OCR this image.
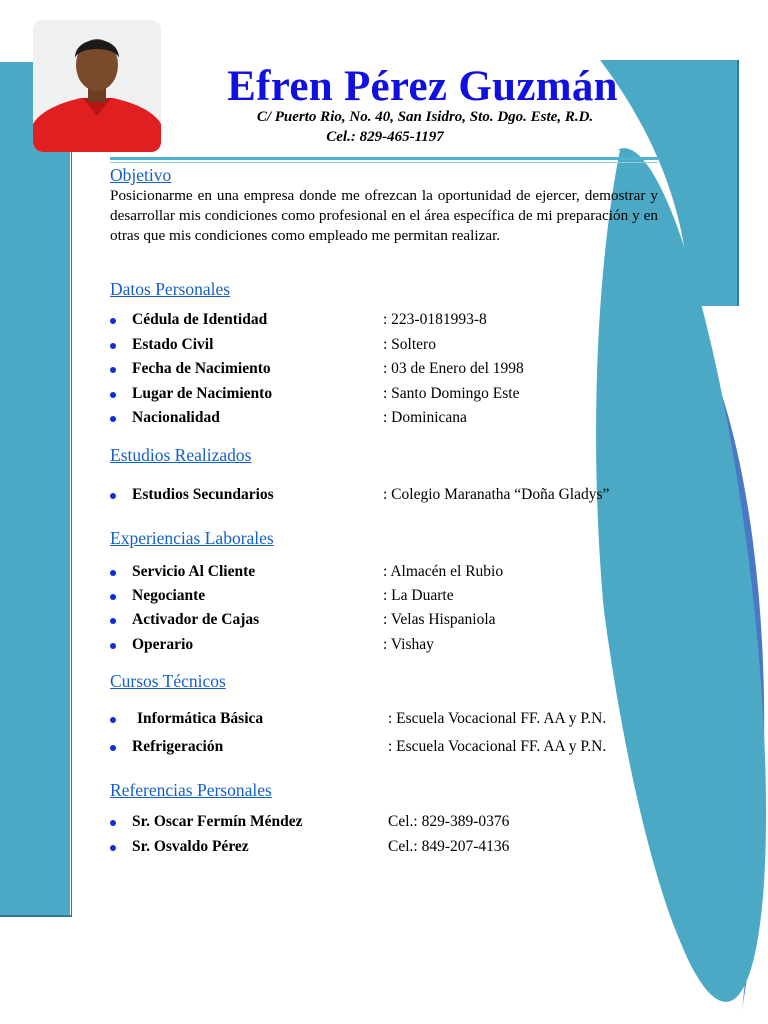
Efren Pérez Guzmán
C/ Puerto Rio, No. 40, San Isidro, Sto. Dgo. Este, R.D.
Cel.: 829-465-1197
Objetivo
Posicionarme en una empresa donde me ofrezcan la oportunidad de ejercer, demostrar y desarrollar mis condiciones como profesional en el área específica de mi preparación y en otras que mis condiciones como empleado me permitan realizar.
Datos Personales
Cédula de Identidad	: 223-0181993-8
Estado Civil	: Soltero
Fecha de Nacimiento	: 03 de Enero del 1998
Lugar de Nacimiento	: Santo Domingo Este
Nacionalidad	: Dominicana
Estudios Realizados
Estudios Secundarios	: Colegio Maranatha “Doña Gladys”
Experiencias Laborales
Servicio Al Cliente	: Almacén el Rubio
Negociante	: La Duarte
Activador de Cajas	: Velas Hispaniola
Operario	: Vishay
Cursos Técnicos
Informática Básica	: Escuela Vocacional FF. AA y P.N.
Refrigeración	: Escuela Vocacional FF. AA y P.N.
Referencias Personales
Sr. Oscar Fermín Méndez	Cel.: 829-389-0376
Sr. Osvaldo Pérez	Cel.: 849-207-4136
